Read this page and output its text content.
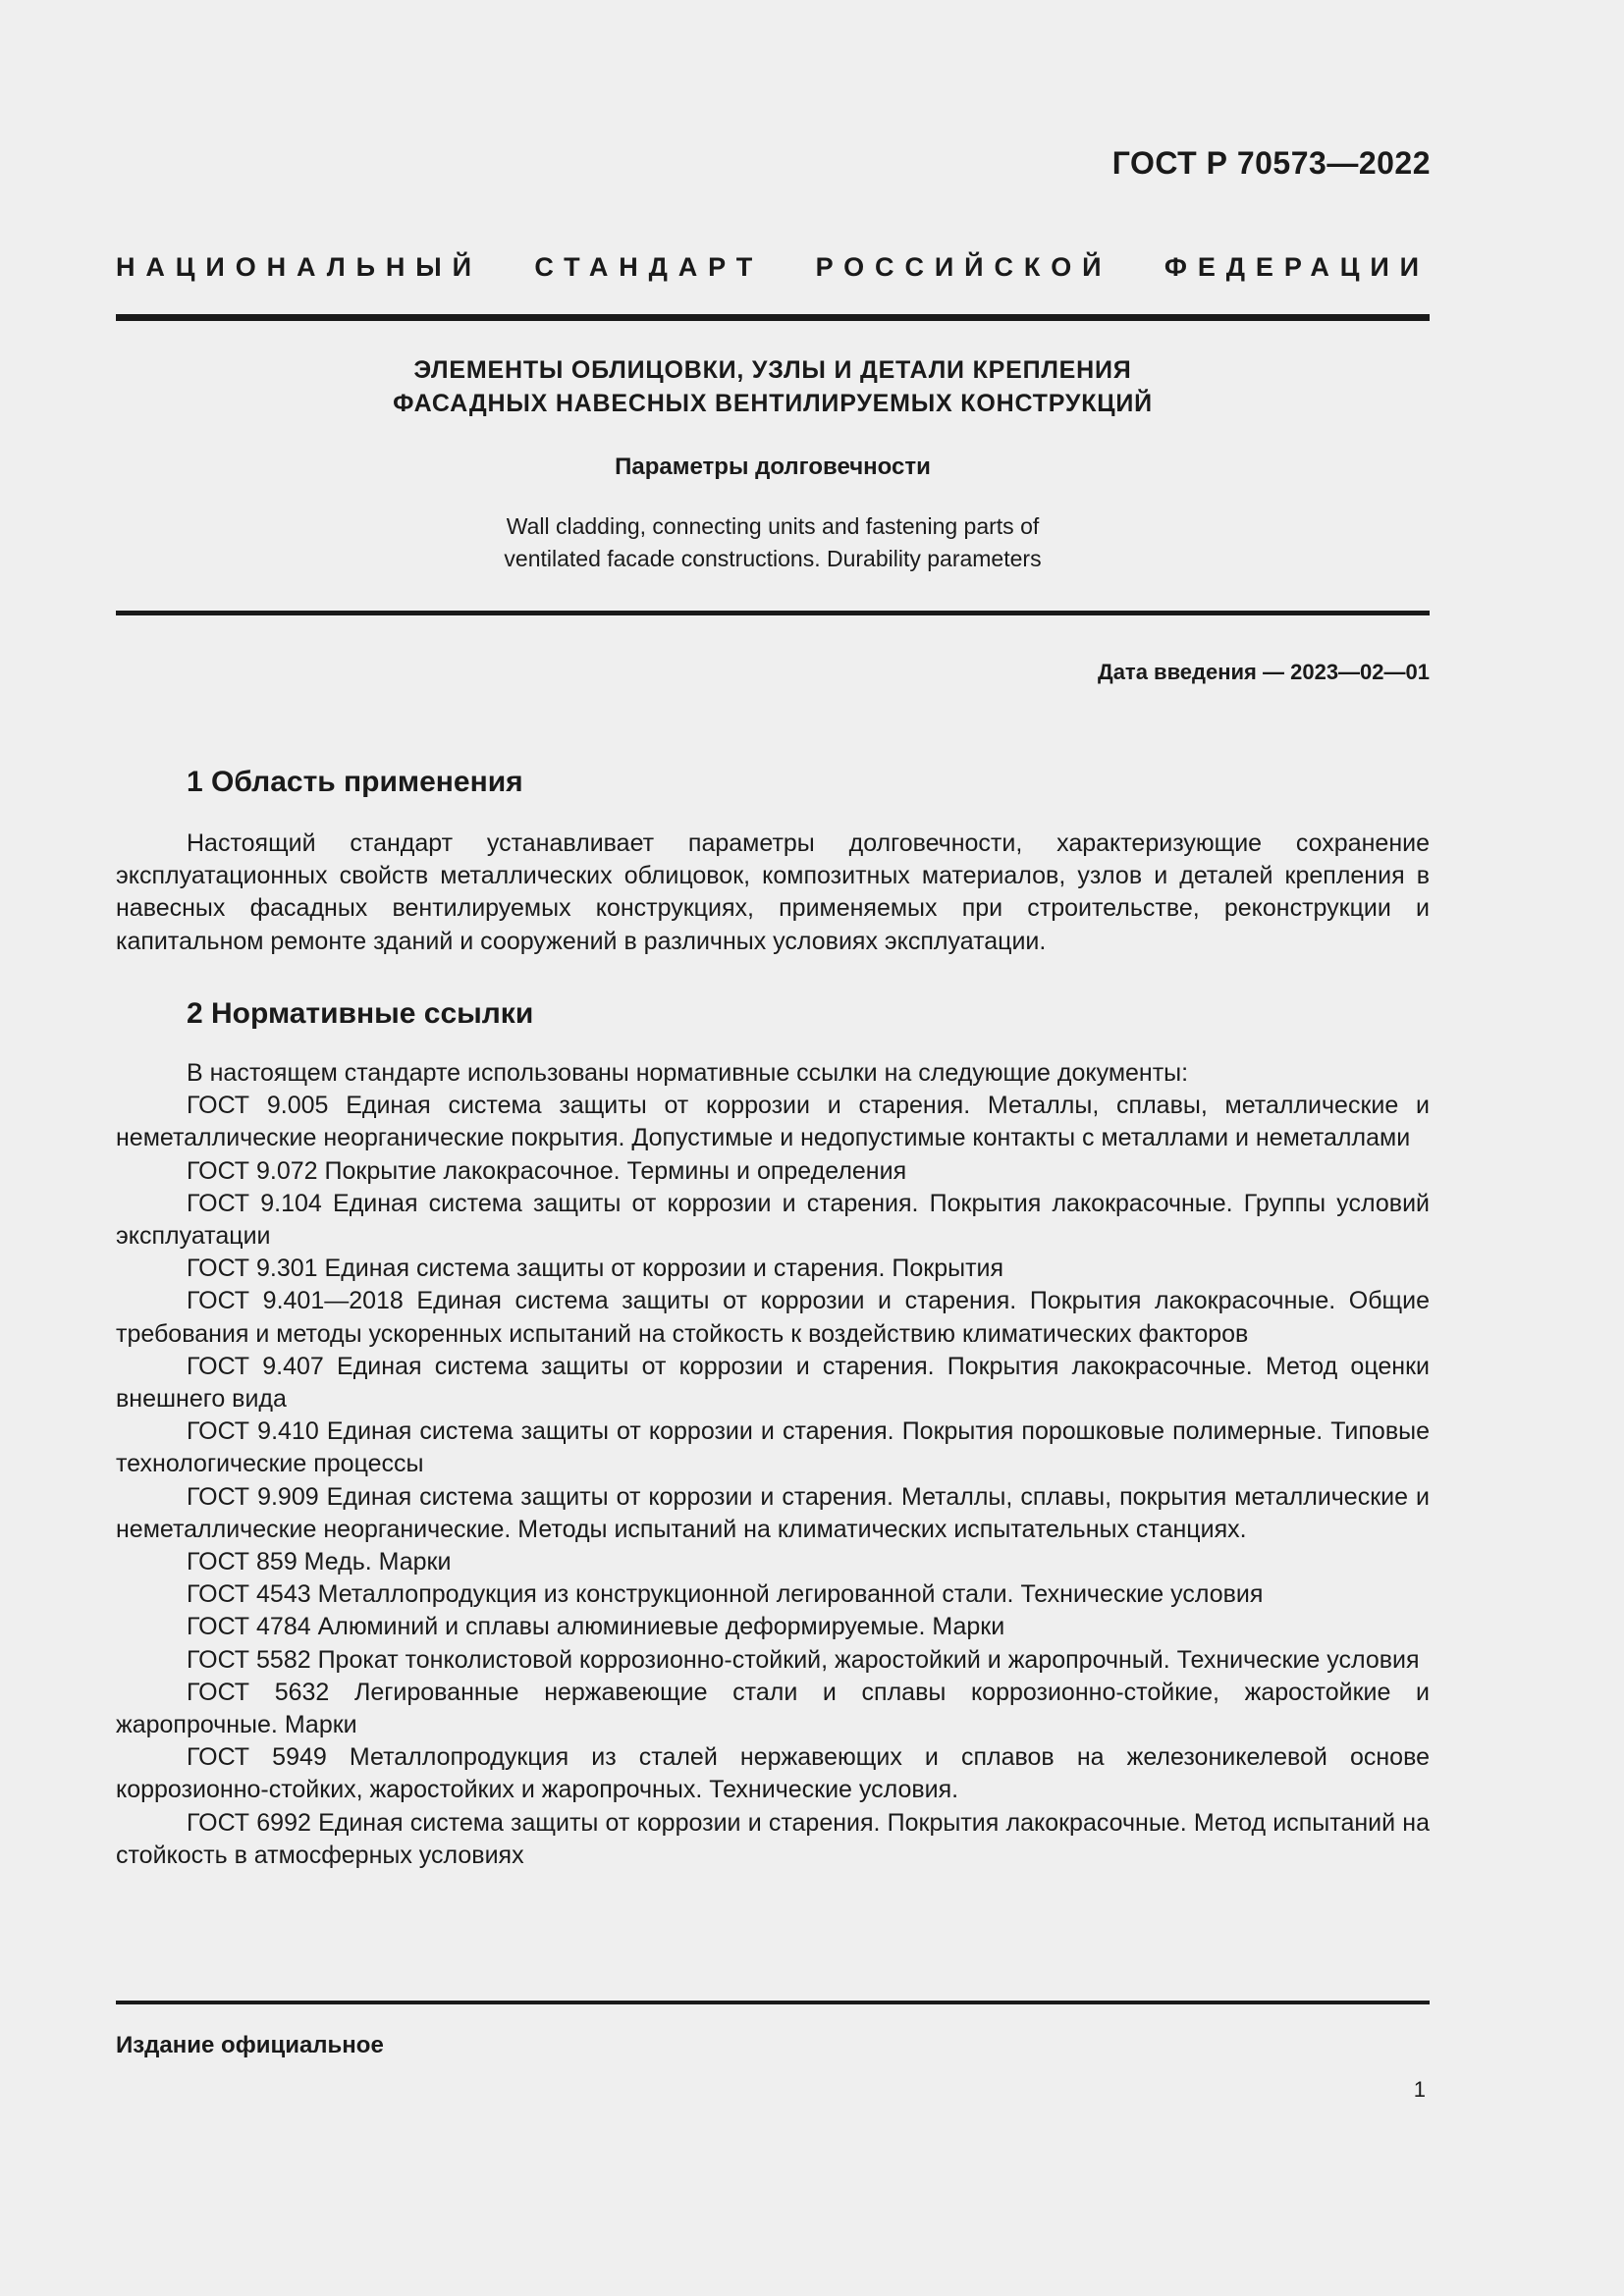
ГОСТ Р 70573—2022
НАЦИОНАЛЬНЫЙ СТАНДАРТ РОССИЙСКОЙ ФЕДЕРАЦИИ
ЭЛЕМЕНТЫ ОБЛИЦОВКИ, УЗЛЫ И ДЕТАЛИ КРЕПЛЕНИЯ
ФАСАДНЫХ НАВЕСНЫХ ВЕНТИЛИРУЕМЫХ КОНСТРУКЦИЙ
Параметры долговечности
Wall cladding, connecting units and fastening parts of
ventilated facade constructions. Durability parameters
Дата введения — 2023—02—01
1 Область применения

Настоящий стандарт устанавливает параметры долговечности, характеризующие сохранение эксплуатационных свойств металлических облицовок, композитных материалов, узлов и деталей крепления в навесных фасадных вентилируемых конструкциях, применяемых при строительстве, реконструкции и капитальном ремонте зданий и сооружений в различных условиях эксплуатации.

2 Нормативные ссылки

В настоящем стандарте использованы нормативные ссылки на следующие документы:

ГОСТ 9.005 Единая система защиты от коррозии и старения. Металлы, сплавы, металлические и неметаллические неорганические покрытия. Допустимые и недопустимые контакты с металлами и неметаллами

ГОСТ 9.072 Покрытие лакокрасочное. Термины и определения

ГОСТ 9.104 Единая система защиты от коррозии и старения. Покрытия лакокрасочные. Группы условий эксплуатации

ГОСТ 9.301 Единая система защиты от коррозии и старения. Покрытия

ГОСТ 9.401—2018 Единая система защиты от коррозии и старения. Покрытия лакокрасочные. Общие требования и методы ускоренных испытаний на стойкость к воздействию климатических факторов

ГОСТ 9.407 Единая система защиты от коррозии и старения. Покрытия лакокрасочные. Метод оценки внешнего вида

ГОСТ 9.410 Единая система защиты от коррозии и старения. Покрытия порошковые полимерные. Типовые технологические процессы

ГОСТ 9.909 Единая система защиты от коррозии и старения. Металлы, сплавы, покрытия металлические и неметаллические неорганические. Методы испытаний на климатических испытательных станциях.

ГОСТ 859 Медь. Марки

ГОСТ 4543 Металлопродукция из конструкционной легированной стали. Технические условия

ГОСТ 4784 Алюминий и сплавы алюминиевые деформируемые. Марки

ГОСТ 5582 Прокат тонколистовой коррозионно-стойкий, жаростойкий и жаропрочный. Технические условия

ГОСТ 5632 Легированные нержавеющие стали и сплавы коррозионно-стойкие, жаростойкие и жаропрочные. Марки

ГОСТ 5949 Металлопродукция из сталей нержавеющих и сплавов на железоникелевой основе коррозионно-стойких, жаростойких и жаропрочных. Технические условия.

ГОСТ 6992 Единая система защиты от коррозии и старения. Покрытия лакокрасочные. Метод испытаний на стойкость в атмосферных условиях

Издание официальное
1
